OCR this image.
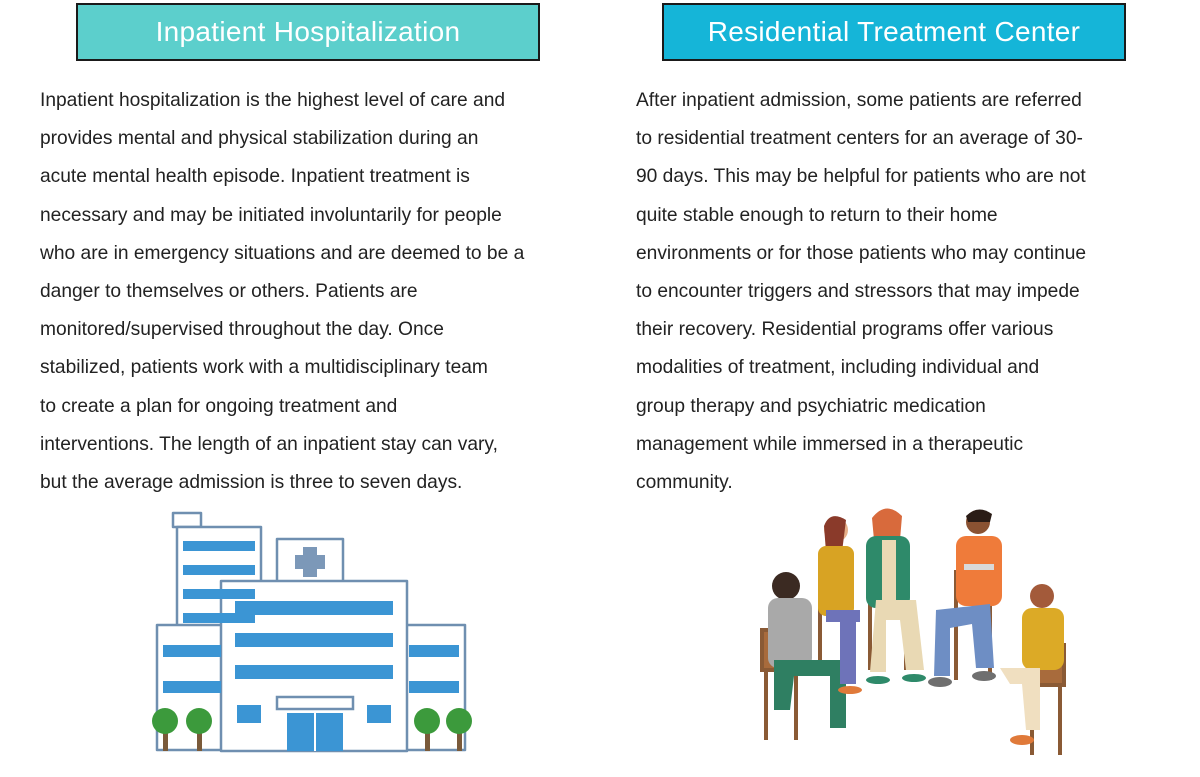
Inpatient Hospitalization

Inpatient hospitalization is the highest level of care and
provides mental and physical stabilization during an
acute mental health episode. Inpatient treatment is
necessary and may be initiated involuntarily for people
who are in emergency situations and are deemed to be a
danger to themselves or others. Patients are
monitored/supervised throughout the day. Once
stabilized, patients work with a multidisciplinary team
to create a plan for ongoing treatment and
interventions. The length of an inpatient stay can vary,
but the average admission is three to seven days.

Residential Treatment Center

After inpatient admission, some patients are referred
to residential treatment centers for an average of 30-
90 days. This may be helpful for patients who are not
quite stable enough to return to their home
environments or for those patients who may continue
to encounter triggers and stressors that may impede
their recovery. Residential programs offer various
modalities of treatment, including individual and
group therapy and psychiatric medication
management while immersed in a therapeutic
community.
